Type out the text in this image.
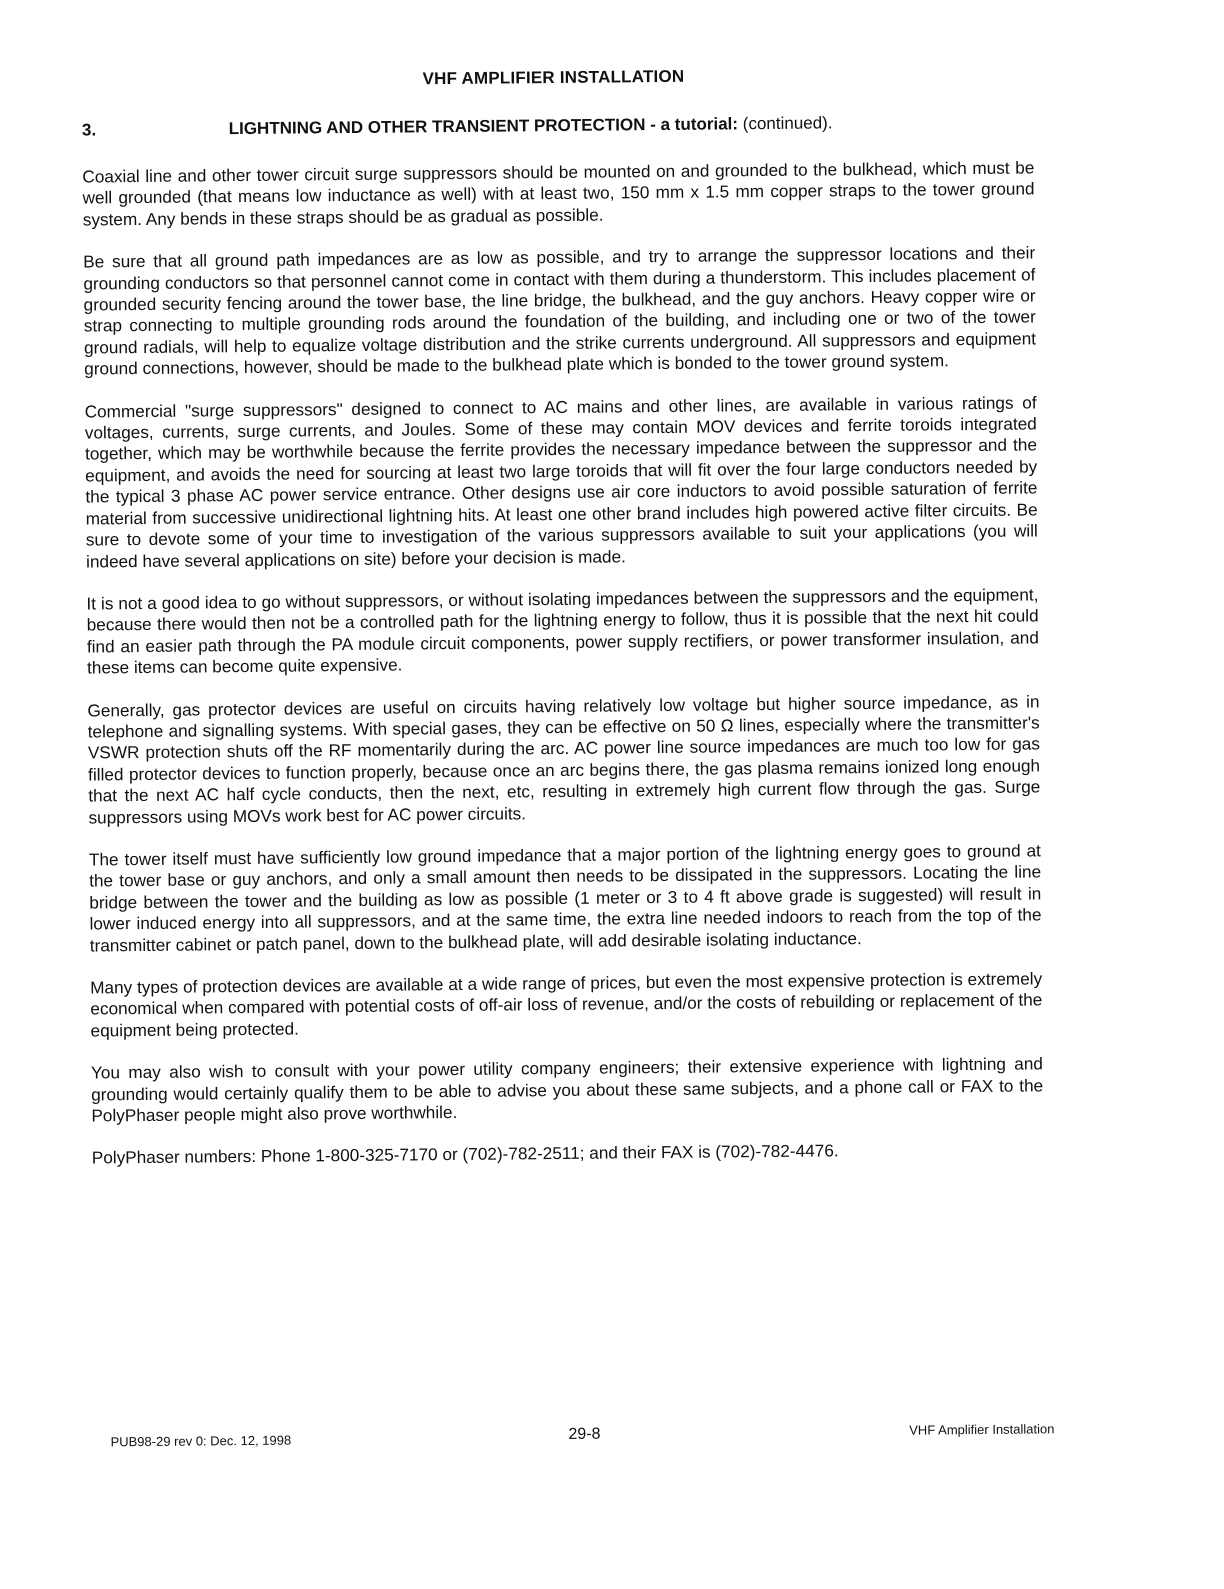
VHF AMPLIFIER INSTALLATION
3.	LIGHTNING AND OTHER TRANSIENT PROTECTION - a tutorial: (continued).

Coaxial line and other tower circuit surge suppressors should be mounted on and grounded to the bulkhead, which must be well grounded (that means low inductance as well) with at least two, 150 mm x 1.5 mm copper straps to the tower ground system. Any bends in these straps should be as gradual as possible.

Be sure that all ground path impedances are as low as possible, and try to arrange the suppressor locations and their grounding conductors so that personnel cannot come in contact with them during a thunderstorm. This includes placement of grounded security fencing around the tower base, the line bridge, the bulkhead, and the guy anchors. Heavy copper wire or strap connecting to multiple grounding rods around the foundation of the building, and including one or two of the tower ground radials, will help to equalize voltage distribution and the strike currents underground. All suppressors and equipment ground connections, however, should be made to the bulkhead plate which is bonded to the tower ground system.

Commercial "surge suppressors" designed to connect to AC mains and other lines, are available in various ratings of voltages, currents, surge currents, and Joules. Some of these may contain MOV devices and ferrite toroids integrated together, which may be worthwhile because the ferrite provides the necessary impedance between the suppressor and the equipment, and avoids the need for sourcing at least two large toroids that will fit over the four large conductors needed by the typical 3 phase AC power service entrance. Other designs use air core inductors to avoid possible saturation of ferrite material from successive unidirectional lightning hits. At least one other brand includes high powered active filter circuits. Be sure to devote some of your time to investigation of the various suppressors available to suit your applications (you will indeed have several applications on site) before your decision is made.

It is not a good idea to go without suppressors, or without isolating impedances between the suppressors and the equipment, because there would then not be a controlled path for the lightning energy to follow, thus it is possible that the next hit could find an easier path through the PA module circuit components, power supply rectifiers, or power transformer insulation, and these items can become quite expensive.

Generally, gas protector devices are useful on circuits having relatively low voltage but higher source impedance, as in telephone and signalling systems. With special gases, they can be effective on 50 Ω lines, especially where the transmitter's VSWR protection shuts off the RF momentarily during the arc. AC power line source impedances are much too low for gas filled protector devices to function properly, because once an arc begins there, the gas plasma remains ionized long enough that the next AC half cycle conducts, then the next, etc, resulting in extremely high current flow through the gas. Surge suppressors using MOVs work best for AC power circuits.

The tower itself must have sufficiently low ground impedance that a major portion of the lightning energy goes to ground at the tower base or guy anchors, and only a small amount then needs to be dissipated in the suppressors. Locating the line bridge between the tower and the building as low as possible (1 meter or 3 to 4 ft above grade is suggested) will result in lower induced energy into all suppressors, and at the same time, the extra line needed indoors to reach from the top of the transmitter cabinet or patch panel, down to the bulkhead plate, will add desirable isolating inductance.

Many types of protection devices are available at a wide range of prices, but even the most expensive protection is extremely economical when compared with potential costs of off-air loss of revenue, and/or the costs of rebuilding or replacement of the equipment being protected.

You may also wish to consult with your power utility company engineers; their extensive experience with lightning and grounding would certainly qualify them to be able to advise you about these same subjects, and a phone call or FAX to the PolyPhaser people might also prove worthwhile.

PolyPhaser numbers: Phone 1-800-325-7170 or (702)-782-2511; and their FAX is (702)-782-4476.

PUB98-29 rev 0: Dec. 12, 1998	29-8	VHF Amplifier Installation
